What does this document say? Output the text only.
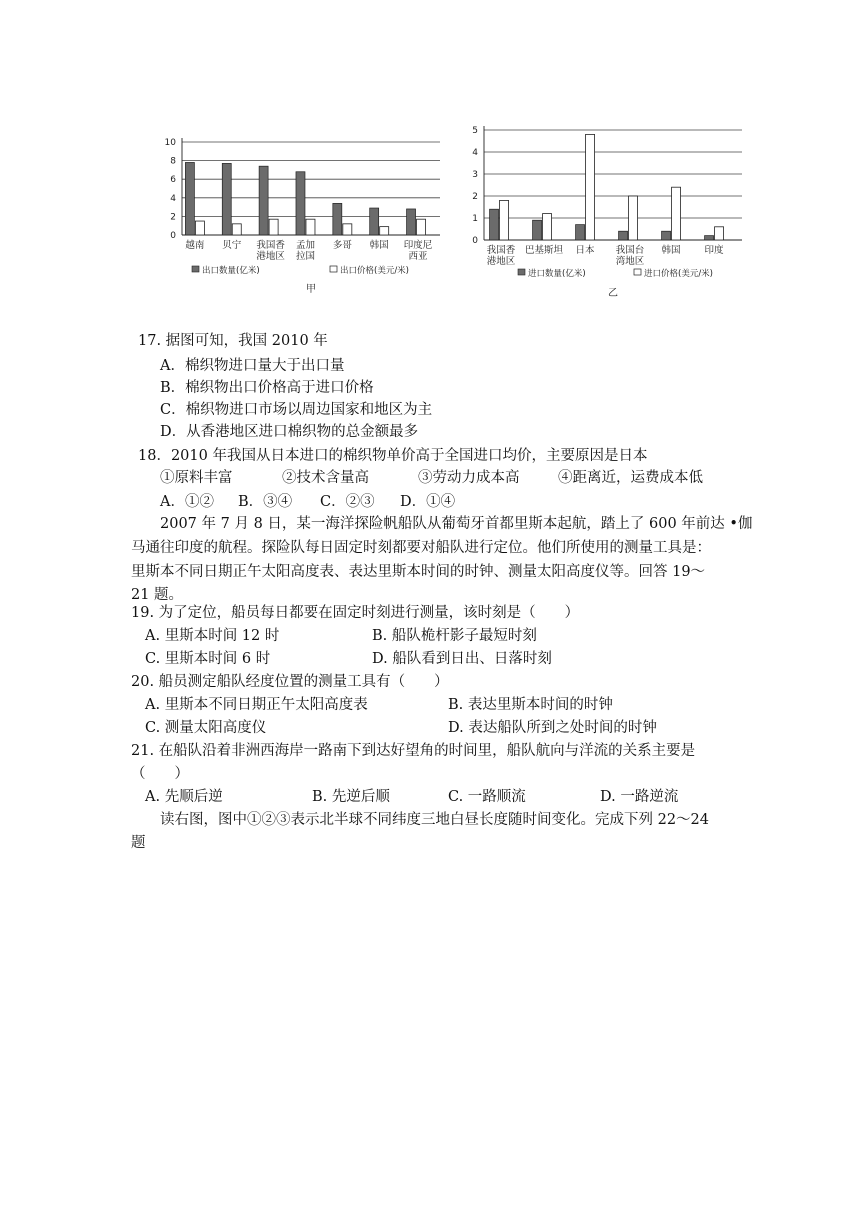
0
2
4
6
8
10
越南 贝宁 我国香
港地区
孟加
拉国
多哥 韩国 印度尼
西亚
出口数量(亿米)	出口价格(美元/米)
甲
0
1
2
3
4
5
我国香
港地区
巴基斯坦 日本 我国台
湾地区
韩国	印度
进口数量(亿米)	进口价格(美元/米)
乙
17. 据图可知，我国 2010 年
A．棉织物进口量大于出口量
B．棉织物出口价格高于进口价格
C．棉织物进口市场以周边国家和地区为主
D．从香港地区进口棉织物的总金额最多
18．2010 年我国从日本进口的棉织物单价高于全国进口均价，主要原因是日本
①原料丰富	②技术含量高	③劳动力成本高	④距离近，运费成本低
A．①② B．③④ C．②③ D．①④
2007 年 7 月 8 日，某一海洋探险帆船队从葡萄牙首都里斯本起航，踏上了 600 年前达 •伽
马通往印度的航程。探险队每日固定时刻都要对船队进行定位。他们所使用的测量工具是：
里斯本不同日期正午太阳高度表、表达里斯本时间的时钟、测量太阳高度仪等。回答 19～
21 题。
19. 为了定位，船员每日都要在固定时刻进行测量，该时刻是（　　）
A. 里斯本时间 12 时	B. 船队桅杆影子最短时刻
C. 里斯本时间 6 时	D. 船队看到日出、日落时刻
20. 船员测定船队经度位置的测量工具有（　　）
A. 里斯本不同日期正午太阳高度表	B. 表达里斯本时间的时钟
C. 测量太阳高度仪	D. 表达船队所到之处时间的时钟
21. 在船队沿着非洲西海岸一路南下到达好望角的时间里，船队航向与洋流的关系主要是
（　　）
A. 先顺后逆	B. 先逆后顺	C. 一路顺流	D. 一路逆流
读右图，图中①②③表示北半球不同纬度三地白昼长度随时间变化。完成下列 22～24
题
